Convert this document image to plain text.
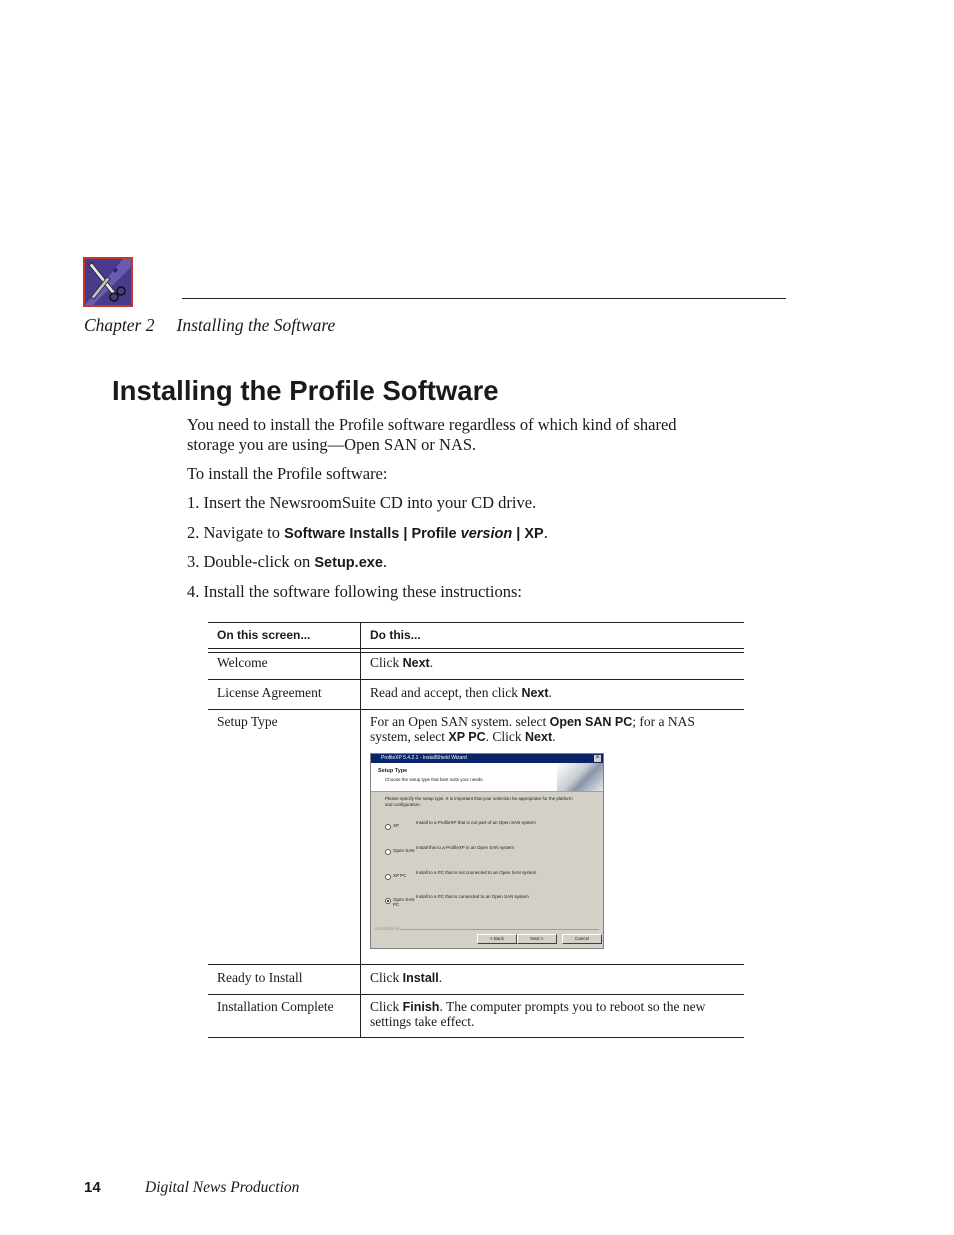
Chapter 2 Installing the Software
Installing the Profile Software
You need to install the Profile software regardless of which kind of shared
storage you are using—Open SAN or NAS.
To install the Profile software:
1. Insert the NewsroomSuite CD into your CD drive.
2. Navigate to Software Installs | Profile version | XP.
3. Double-click on Setup.exe.
4. Install the software following these instructions:
On this screen...	Do this...
Welcome	Click Next.
License Agreement	Read and accept, then click Next.
Setup Type	For an Open SAN system. select Open SAN PC; for a NAS
system, select XP PC. Click Next.
ProfileXP 5.4.2.1 - InstallShield Wizard	×
Setup Type
Choose the setup type that best suits your needs.
Please specify the setup type. It is important that your selection be appropriate for the platform and configuration.
XP
Install to a ProfileXP that is not part of an Open SAN system
Open SAN
Install this to a ProfileXP in an Open SAN system
XP PC
Install to a PC that is not connected to an Open SAN system
Open SAN PC
Install to a PC that is connected to an Open SAN system
InstallShield
< Back	Next >	Cancel
Ready to Install	Click Install.
Installation Complete	Click Finish. The computer prompts you to reboot so the new
settings take effect.
14	Digital News Production
